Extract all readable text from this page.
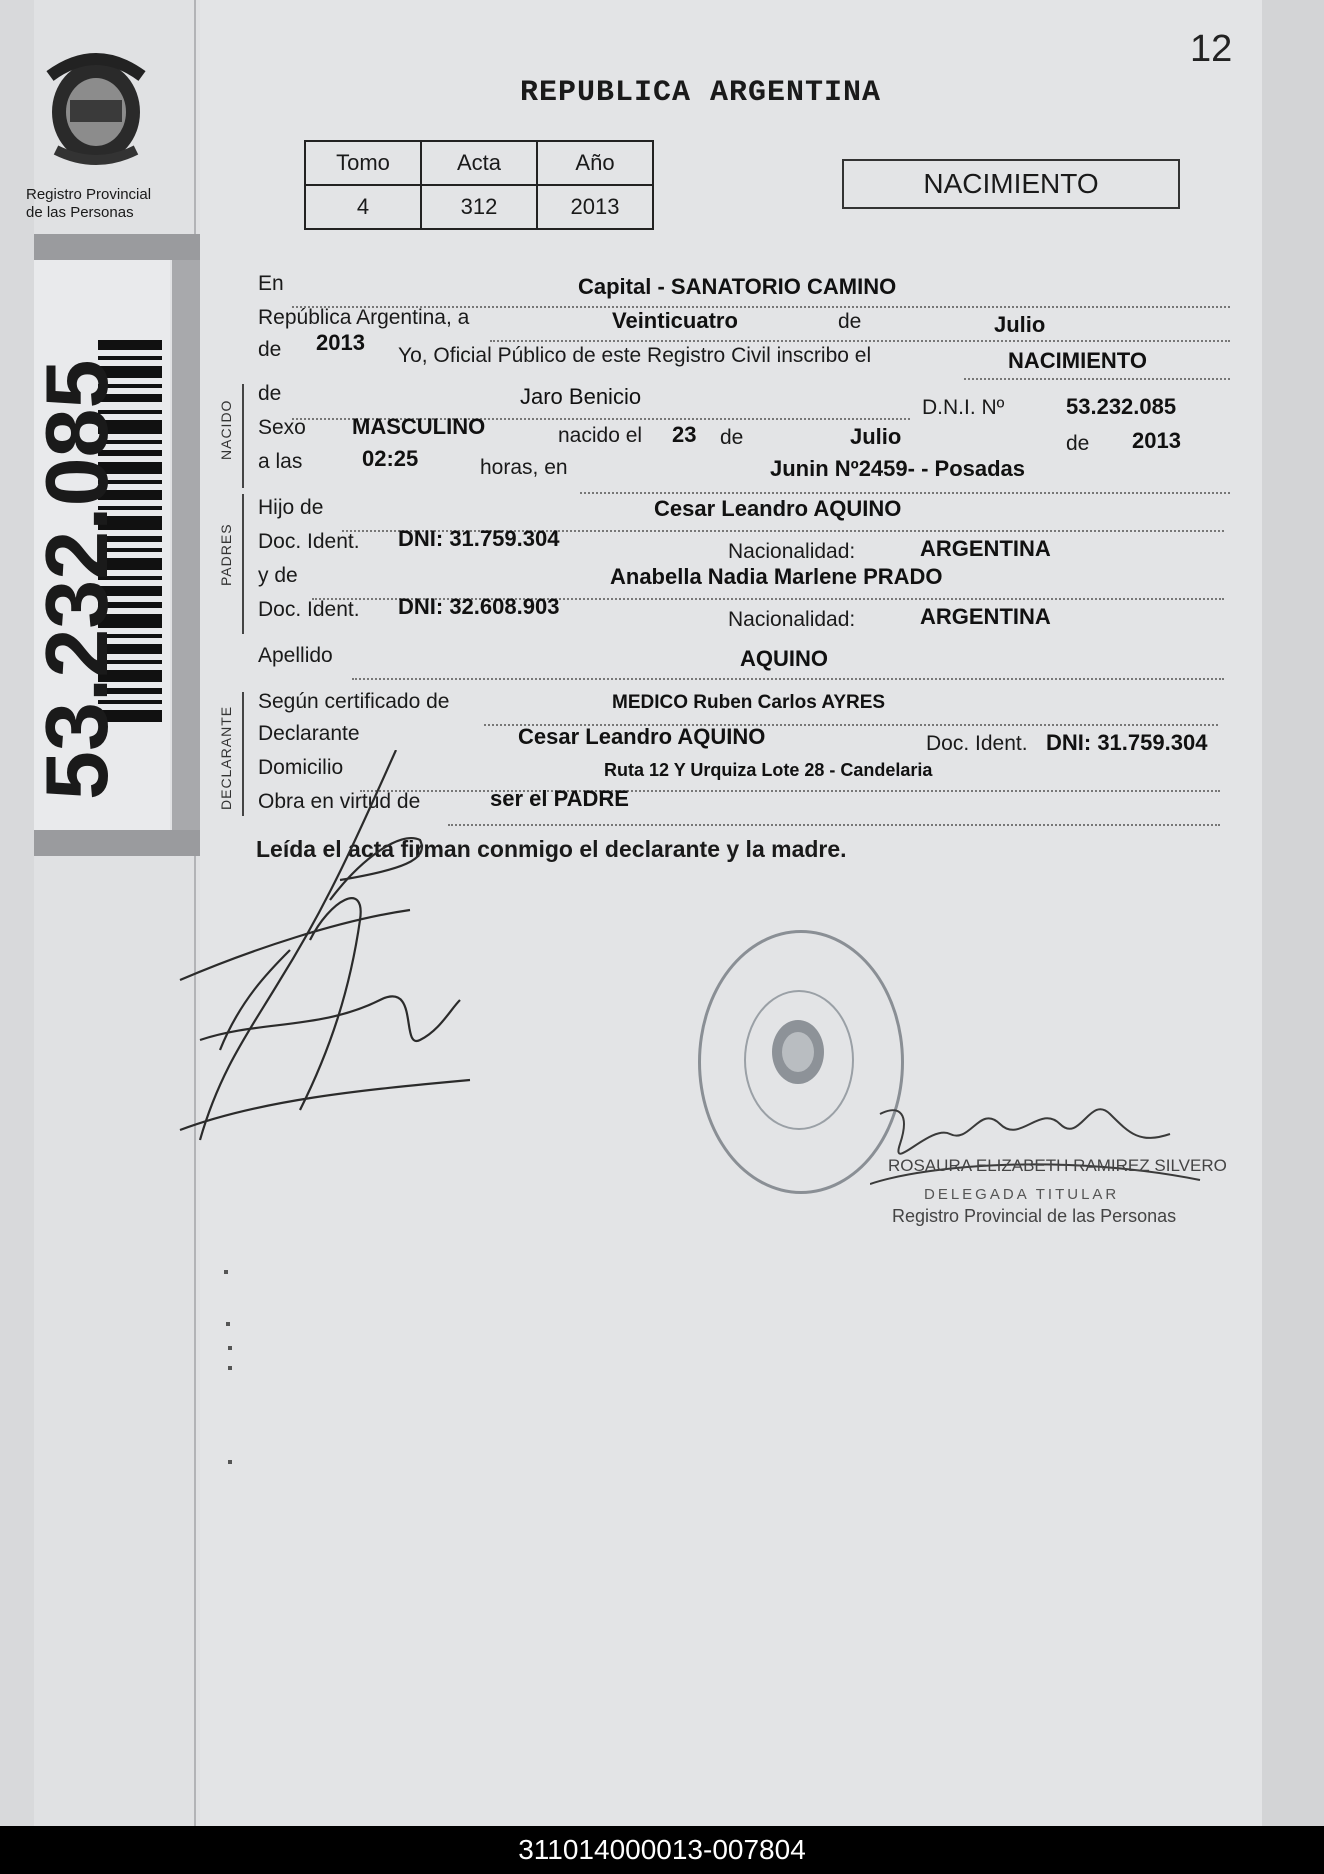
Registro Provincial
de las Personas
53.232.085
12
REPUBLICA ARGENTINA
Tomo	Acta	Año
4	312	2013
NACIMIENTO
NACIDO
PADRES
DECLARANTE
En	Capital - SANATORIO CAMINO
República Argentina, a	Veinticuatro	de	Julio
de 2013
Yo, Oficial Público de este Registro Civil inscribo el	NACIMIENTO
de	Jaro Benicio	D.N.I. Nº	53.232.085
Sexo MASCULINO	nacido el 23 de	Julio	de 2013
a las	02:25	horas, en	Junin Nº2459- - Posadas
Hijo de	Cesar Leandro AQUINO
Doc. Ident. DNI: 31.759.304
Nacionalidad:	ARGENTINA
y de	Anabella Nadia Marlene PRADO
Doc. Ident. DNI: 32.608.903
Nacionalidad:	ARGENTINA
Apellido	AQUINO
Según certificado de	MEDICO Ruben Carlos AYRES
Declarante	Cesar Leandro AQUINO	Doc. Ident. DNI: 31.759.304
Domicilio	Ruta 12 Y Urquiza Lote 28 - Candelaria
Obra en virtud de	ser el PADRE
Leída el acta firman conmigo el declarante y la madre.
ROSAURA ELIZABETH RAMIREZ SILVERO
DELEGADA TITULAR
Registro Provincial de las Personas
311014000013-007804
